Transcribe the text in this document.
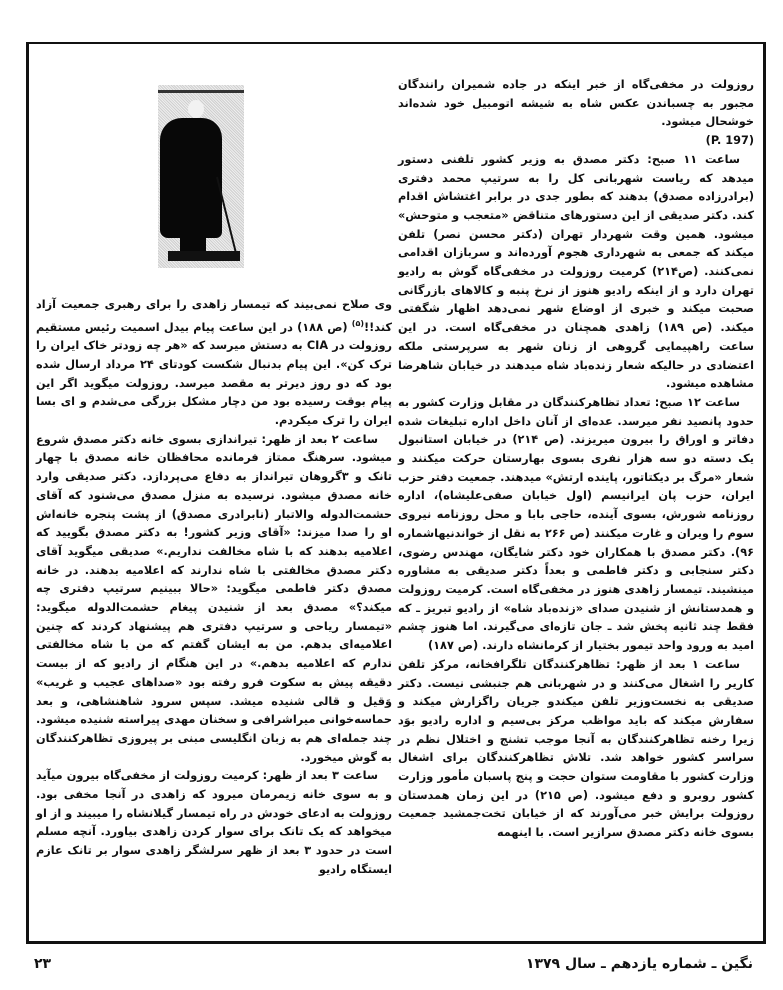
روزولت در مخفی‌گاه از خبر اینکه در جاده شمیران رانندگان مجبور به چسباندن عکس شاه به شیشه اتومبیل خود شده‌اند خوشحال میشود.

(P. 197)

ساعت ۱۱ صبح: دکتر مصدق به وزیر کشور تلفنی دستور میدهد که ریاست شهربانی کل را به سرتیپ محمد دفتری (برادرزاده مصدق) بدهند که بطور جدی در برابر اغتشاش اقدام کند. دکتر صدیقی از این دستورهای متناقض «متعجب و متوحش» میشود. همین وقت شهردار تهران (دکتر محسن نصر) تلفن میکند که جمعی به شهرداری هجوم آورده‌اند و سربازان اقدامی نمی‌کنند. (ص۲۱۴) کرمیت روزولت در مخفی‌گاه گوش به رادیو تهران دارد و از اینکه رادیو هنوز از نرخ پنبه و کالاهای بازرگانی صحبت میکند و خبری از اوضاع شهر نمی‌دهد اظهار شگفتی میکند. (ص ۱۸۹) زاهدی همچنان در مخفی‌گاه است. در این ساعت راهپیمایی گروهی از زنان شهر به سرپرستی ملکه اعتضادی در حالیکه شعار زنده‌باد شاه میدهند در خیابان شاهرضا مشاهده میشود.

ساعت ۱۲ صبح: تعداد تظاهرکنندگان در مقابل وزارت کشور به حدود پانصید نفر میرسد. عده‌ای از آنان داخل اداره تبلیغات شده دفاتر و اوراق را بیرون میریزند. (ص ۲۱۴) در خیابان استانبول یک دسته دو سه هزار نفری بسوی بهارستان حرکت میکنند و شعار «مرگ بر دیکتاتور، پاینده ارتش» میدهند. جمعیت دفتر حزب ایران، حزب پان ایرانیسم (اول خیابان صفی‌علیشاه)، اداره روزنامه شورش، بسوی آینده، حاجی بابا و محل روزنامه نیروی سوم را ویران و غارت میکنند (ص ۲۶۶ به نقل از خواندنیهاشماره ۹۶). دکتر مصدق با همکاران خود دکتر شایگان، مهندس رضوی، دکتر سنجابی و دکتر فاطمی و بعداً دکتر صدیقی به مشاوره مینشیند. تیمسار زاهدی هنوز در مخفی‌گاه است. کرمیت روزولت و همدستانش از شنیدن صدای «زنده‌باد شاه» از رادیو تبریز ـ که فقط چند ثانیه پخش شد ـ جان تازه‌ای می‌گیرند. اما هنوز چشم امید به ورود واحد تیمور بختیار از کرمانشاه دارند. (ص ۱۸۷)

ساعت ۱ بعد از ظهر: تظاهرکنندگان تلگرافخانه، مرکز تلفن کاریر را اشغال می‌کنند و در شهربانی هم جنبشی نیست. دکتر صدیقی به نخست‌وزیر تلفن میکندو جریان راگزارش میکند و سفارش میکند که باید مواظب مرکز بی‌سیم و اداره رادیو بوَد زیرا رخنه تظاهرکنندگان به آنجا موجب تشنج و اختلال نظم در سراسر کشور خواهد شد. تلاش تظاهرکنندگان برای اشغال وزارت کشور با مقاومت ستوان حجت و پنج پاسبان مأمور وزارت کشور روبرو و دفع میشود. (ص ۲۱۵) در این زمان همدستان روزولت برایش خبر می‌آورند که از خیابان تخت‌جمشید جمعیت بسوی خانه دکتر مصدق سرازیر است. با اینهمه

وی صلاح نمی‌بیند که تیمسار زاهدی را برای رهبری جمعیت آزاد کند!!$^{(۵)}$ (ص ۱۸۸) در این ساعت پیام بیدل اسمیت رئیس مستقیم روزولت در CIA به دستش میرسد که «هر چه زودتر خاک ایران را ترک کن». این پیام بدنبال شکست کودتای ۲۴ مرداد ارسال شده بود که دو روز دیرتر به مقصد میرسد. روزولت میگوید اگر این پیام بوقت رسیده بود من دچار مشکل بزرگی می‌شدم و ای بسا ایران را ترک میکردم.

ساعت ۲ بعد از ظهر: تیراندازی بسوی خانه دکتر مصدق شروع میشود. سرهنگ ممتاز فرمانده محافظان خانه مصدق با چهار تانک و ۳گروهان تیرانداز به دفاع می‌پردازد. دکتر صدیقی وارد خانه مصدق میشود. نرسیده به منزل مصدق می‌شنود که آقای حشمت‌الدوله والاتبار (نابرادری مصدق) از پشت پنجره خانه‌اش او را صدا میزند: «آقای وزیر کشور! به دکتر مصدق بگویید که اعلامیه بدهند که با شاه مخالفت نداریم.» صدیقی میگوید آقای دکتر مصدق مخالفتی با شاه ندارند که اعلامیه بدهند. در خانه مصدق دکتر فاطمی میگوید: «حالا ببینیم سرتیپ دفتری چه میکند؟» مصدق بعد از شنیدن پیغام حشمت‌الدوله میگوید: «تیمسار ریاحی و سرتیپ دفتری هم پیشنهاد کردند که چنین اعلامیه‌ای بدهم. من به ایشان گفتم که من با شاه مخالفتی ندارم که اعلامیه بدهم.» در این هنگام از رادیو که از بیست دقیقه پیش به سکوت فرو رفته بود «صداهای عجیب و غریب» وَقیل و قالی شنیده میشد. سپس سرود شاهنشاهی، و بعد حماسه‌خوانی میراشرافی و سخنان مهدی پیراسته شنیده میشود. چند جمله‌ای هم به زبان انگلیسی مبنی بر پیروزی تظاهرکنندگان به گوش میخورد.

ساعت ۳ بعد از ظهر: کرمیت روزولت از مخفی‌گاه بیرون میآید و به سوی خانه زیمرمان میرود که زاهدی در آنجا مخفی بود. روزولت به ادعای خودش در راه تیمسار گیلانشاه را میبیند و از او میخواهد که یک تانک برای سوار کردن زاهدی بیاورد. آنچه مسلم است در حدود ۳ بعد از ظهر سرلشگر زاهدی سوار بر تانک عازم ایستگاه رادیو

نگین ـ شماره یازدهم ـ سال ۱۳۷۹
۲۳
